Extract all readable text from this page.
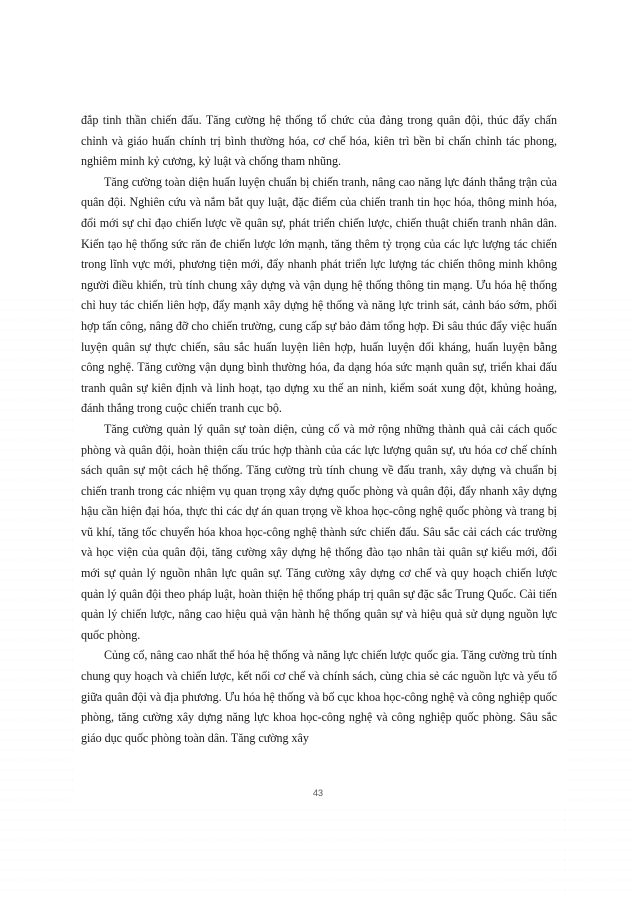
đắp tinh thần chiến đấu. Tăng cường hệ thống tổ chức của đảng trong quân đội, thúc đẩy chấn chỉnh và giáo huấn chính trị bình thường hóa, cơ chế hóa, kiên trì bền bỉ chấn chỉnh tác phong, nghiêm minh kỷ cương, kỷ luật và chống tham nhũng.

Tăng cường toàn diện huấn luyện chuẩn bị chiến tranh, nâng cao năng lực đánh thắng trận của quân đội. Nghiên cứu và nắm bắt quy luật, đặc điểm của chiến tranh tin học hóa, thông minh hóa, đổi mới sự chỉ đạo chiến lược về quân sự, phát triển chiến lược, chiến thuật chiến tranh nhân dân. Kiến tạo hệ thống sức răn đe chiến lược lớn mạnh, tăng thêm tỷ trọng của các lực lượng tác chiến trong lĩnh vực mới, phương tiện mới, đẩy nhanh phát triển lực lượng tác chiến thông minh không người điều khiển, trù tính chung xây dựng và vận dụng hệ thống thông tin mạng. Ưu hóa hệ thống chỉ huy tác chiến liên hợp, đẩy mạnh xây dựng hệ thống và năng lực trinh sát, cảnh báo sớm, phối hợp tấn công, nâng đỡ cho chiến trường, cung cấp sự bảo đảm tổng hợp. Đi sâu thúc đẩy việc huấn luyện quân sự thực chiến, sâu sắc huấn luyện liên hợp, huấn luyện đối kháng, huấn luyện bằng công nghệ. Tăng cường vận dụng bình thường hóa, đa dạng hóa sức mạnh quân sự, triển khai đấu tranh quân sự kiên định và linh hoạt, tạo dựng xu thế an ninh, kiểm soát xung đột, khủng hoảng, đánh thắng trong cuộc chiến tranh cục bộ.

Tăng cường quản lý quân sự toàn diện, củng cố và mở rộng những thành quả cải cách quốc phòng và quân đội, hoàn thiện cấu trúc hợp thành của các lực lượng quân sự, ưu hóa cơ chế chính sách quân sự một cách hệ thống. Tăng cường trù tính chung về đấu tranh, xây dựng và chuẩn bị chiến tranh trong các nhiệm vụ quan trọng xây dựng quốc phòng và quân đội, đẩy nhanh xây dựng hậu cần hiện đại hóa, thực thi các dự án quan trọng về khoa học-công nghệ quốc phòng và trang bị vũ khí, tăng tốc chuyển hóa khoa học-công nghệ thành sức chiến đấu. Sâu sắc cải cách các trường và học viện của quân đội, tăng cường xây dựng hệ thống đào tạo nhân tài quân sự kiểu mới, đổi mới sự quản lý nguồn nhân lực quân sự. Tăng cường xây dựng cơ chế và quy hoạch chiến lược quản lý quân đội theo pháp luật, hoàn thiện hệ thống pháp trị quân sự đặc sắc Trung Quốc. Cải tiến quản lý chiến lược, nâng cao hiệu quả vận hành hệ thống quân sự và hiệu quả sử dụng nguồn lực quốc phòng.

Củng cố, nâng cao nhất thể hóa hệ thống và năng lực chiến lược quốc gia. Tăng cường trù tính chung quy hoạch và chiến lược, kết nối cơ chế và chính sách, cùng chia sẻ các nguồn lực và yếu tố giữa quân đội và địa phương. Ưu hóa hệ thống và bố cục khoa học-công nghệ và công nghiệp quốc phòng, tăng cường xây dựng năng lực khoa học-công nghệ và công nghiệp quốc phòng. Sâu sắc giáo dục quốc phòng toàn dân. Tăng cường xây

43
